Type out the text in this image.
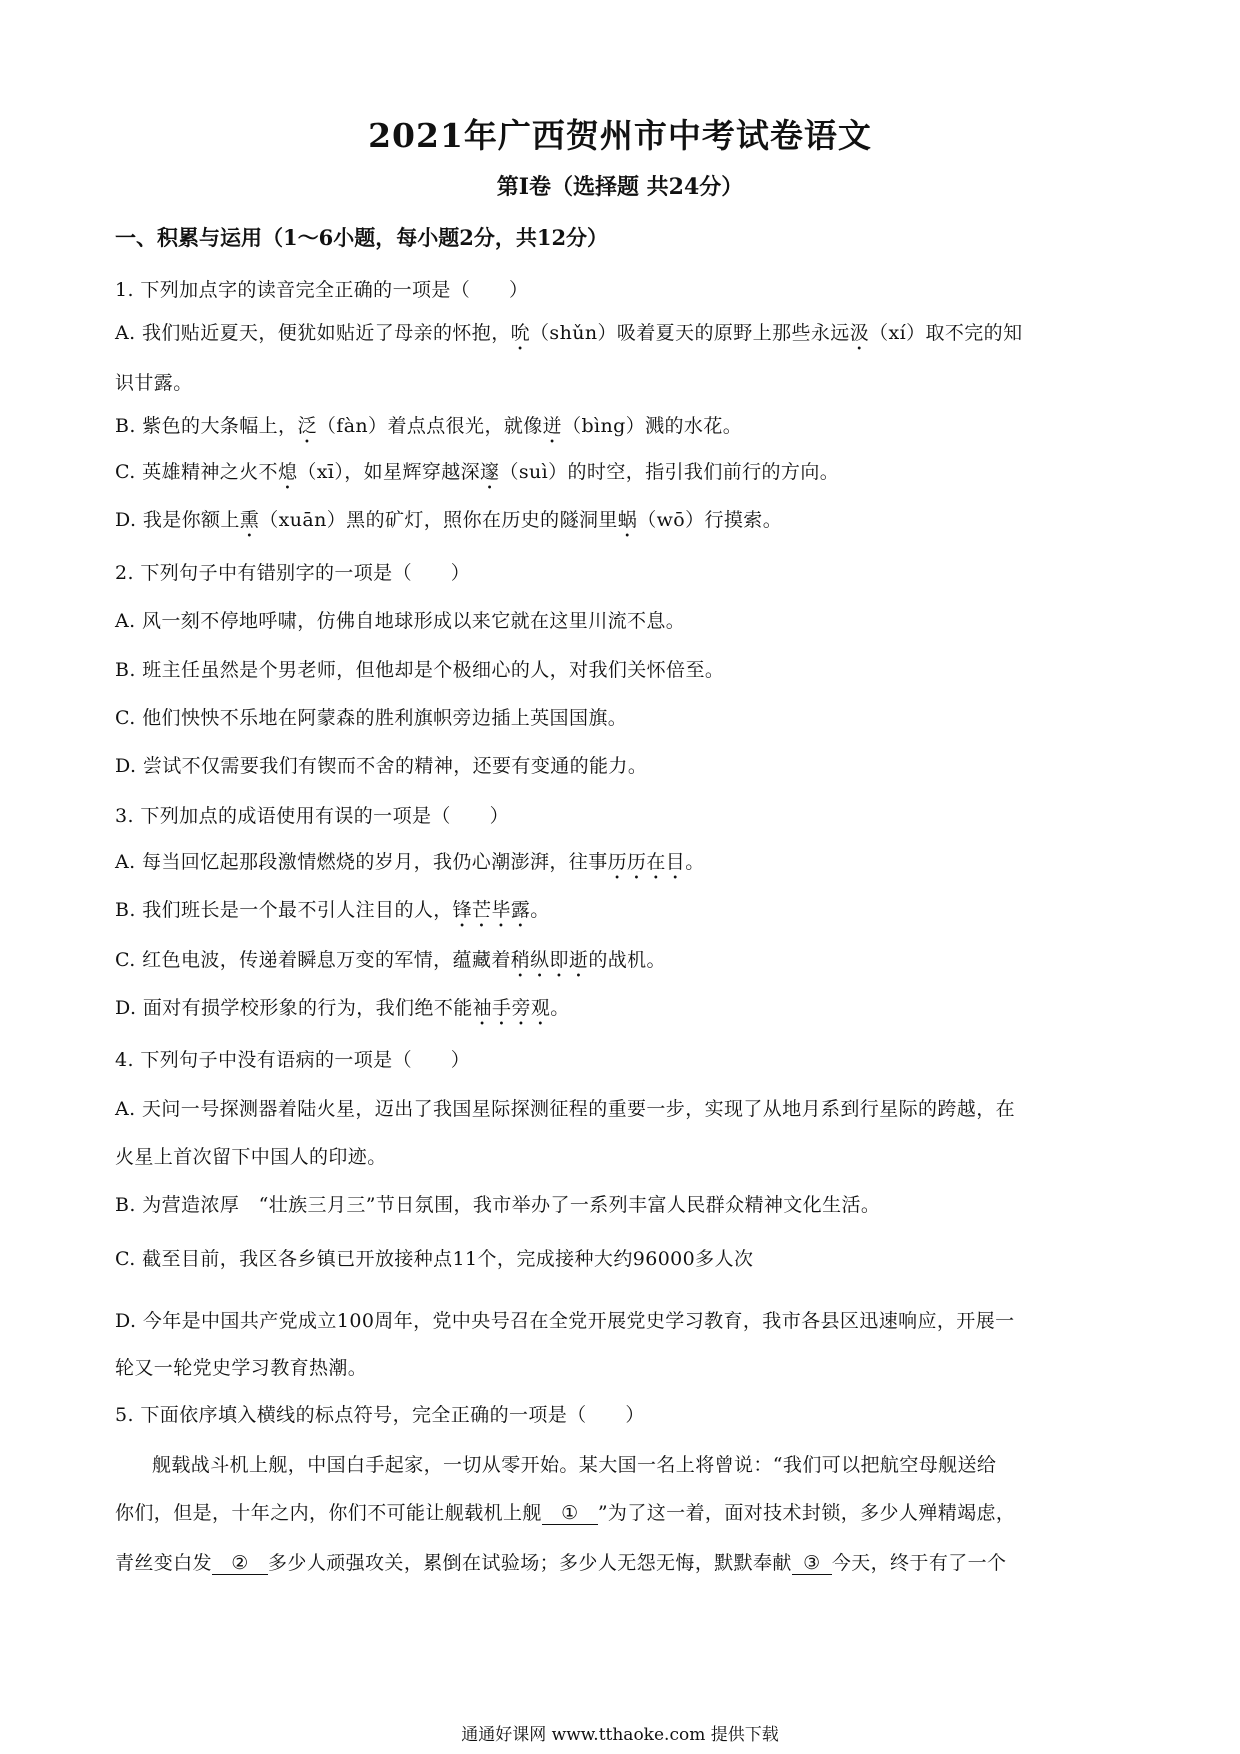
2021年广西贺州市中考试卷语文
第I卷（选择题 共24分）
一、积累与运用（1～6小题，每小题2分，共12分）
1. 下列加点字的读音完全正确的一项是（　　）
A. 我们贴近夏天，便犹如贴近了母亲的怀抱，吮（shǔn）吸着夏天的原野上那些永远汲（xí）取不完的知
识甘露。
B. 紫色的大条幅上，泛（fàn）着点点很光，就像迸（bìng）溅的水花。
C. 英雄精神之火不熄（xī），如星辉穿越深邃（suì）的时空，指引我们前行的方向。
D. 我是你额上熏（xuān）黑的矿灯，照你在历史的隧洞里蜗（wō）行摸索。
2. 下列句子中有错别字的一项是（　　）
A. 风一刻不停地呼啸，仿佛自地球形成以来它就在这里川流不息。
B. 班主任虽然是个男老师，但他却是个极细心的人，对我们关怀倍至。
C. 他们怏怏不乐地在阿蒙森的胜利旗帜旁边插上英国国旗。
D. 尝试不仅需要我们有锲而不舍的精神，还要有变通的能力。
3. 下列加点的成语使用有误的一项是（　　）
A. 每当回忆起那段激情燃烧的岁月，我仍心潮澎湃，往事历历在目。
B. 我们班长是一个最不引人注目的人，锋芒毕露。
C. 红色电波，传递着瞬息万变的军情，蕴藏着稍纵即逝的战机。
D. 面对有损学校形象的行为，我们绝不能袖手旁观。
4. 下列句子中没有语病的一项是（　　）
A. 天问一号探测器着陆火星，迈出了我国星际探测征程的重要一步，实现了从地月系到行星际的跨越，在
火星上首次留下中国人的印迹。
B. 为营造浓厚　“壮族三月三”节日氛围，我市举办了一系列丰富人民群众精神文化生活。
C. 截至目前，我区各乡镇已开放接种点11个，完成接种大约96000多人次
D. 今年是中国共产党成立100周年，党中央号召在全党开展党史学习教育，我市各县区迅速响应，开展一
轮又一轮党史学习教育热潮。
5. 下面依序填入横线的标点符号，完全正确的一项是（　　）
舰载战斗机上舰，中国白手起家，一切从零开始。某大国一名上将曾说：“我们可以把航空母舰送给
你们，但是，十年之内，你们不可能让舰载机上舰 ① ”为了这一着，面对技术封锁，多少人殚精竭虑，
青丝变白发 ② 多少人顽强攻关，累倒在试验场；多少人无怨无悔，默默奉献 ③ 今天，终于有了一个
通通好课网 www.tthaoke.com 提供下载
